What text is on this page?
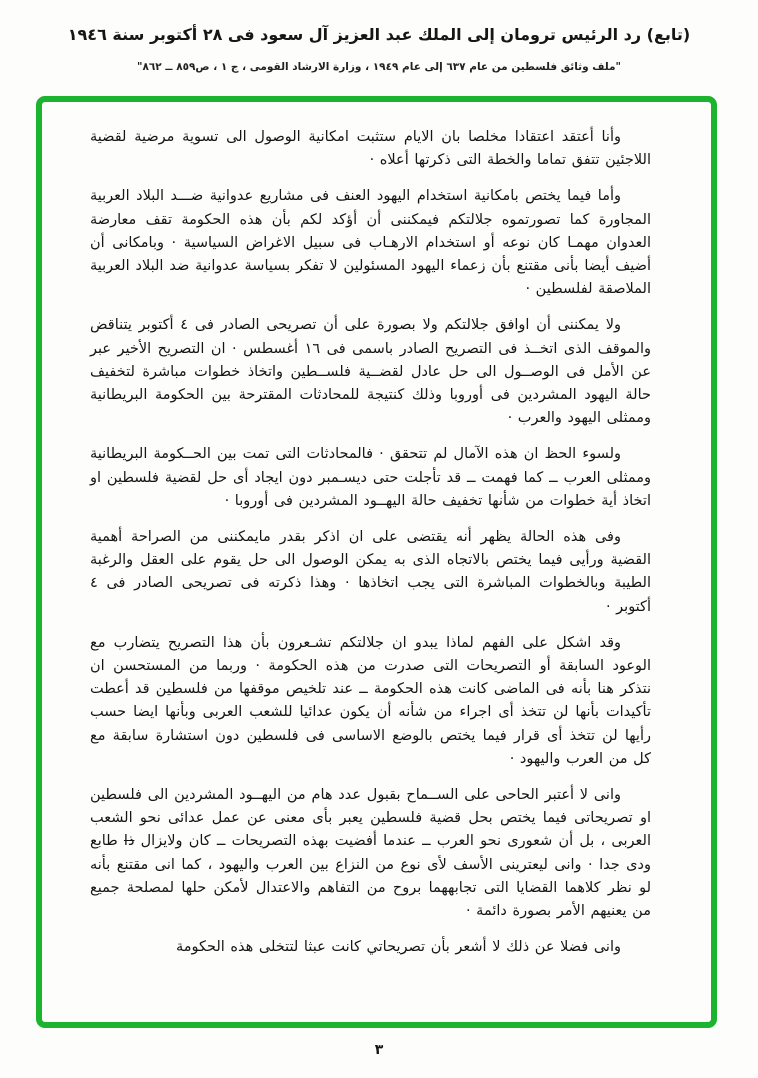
(تابع) رد الرئيس ترومان إلى الملك عبد العزيز آل سعود فى ٢٨ أكتوبر سنة ١٩٤٦
"ملف وثائق فلسطين من عام ٦٣٧ إلى عام ١٩٤٩ ، وزارة الارشاد القومى ، ج ١ ، ص٨٥٩ ــ ٨٦٢"
وأنا أعتقد اعتقادا مخلصا بان الايام ستثبت امكانية الوصول الى تسوية مرضية لقضية اللاجئين تتفق تماما والخطة التى ذكرتها أعلاه ·
وأما فيما يختص بامكانية استخدام اليهود العنف فى مشاريع عدوانية ضـــد البلاد العربية المجاورة كما تصورتموه جلالتكم فيمكننى أن أؤكد لكم بأن هذه الحكومة تقف معارضة العدوان مهمـا كان نوعه أو استخدام الارهـاب فى سبيل الاغراض السياسية · وبامكانى أن أضيف أيضا بأنى مقتنع بأن زعماء اليهود المسئولين لا تفكر بسياسة عدوانية ضد البلاد العربية الملاصقة لفلسطين ·
ولا يمكننى أن اوافق جلالتكم ولا بصورة على أن تصريحى الصادر فى ٤ أكتوبر يتناقض والموقف الذى اتخــذ فى التصريح الصادر باسمى فى ١٦ أغسطس · ان التصريح الأخير عبر عن الأمل فى الوصــول الى حل عادل لقضــية فلســطين واتخاذ خطوات مباشرة لتخفيف حالة اليهود المشردين فى أوروبا وذلك كنتيجة للمحادثات المقترحة بين الحكومة البريطانية وممثلى اليهود والعرب ·
ولسوء الحظ ان هذه الآمال لم تتحقق · فالمحادثات التى تمت بين الحــكومة البريطانية وممثلى العرب ــ كما فهمت ــ قد تأجلت حتى ديسـمبر دون ايجاد أى حل لقضية فلسطين او اتخاذ أية خطوات من شأنها تخفيف حالة اليهــود المشردين فى أوروبا ·
وفى هذه الحالة يظهر أنه يقتضى على ان اذكر بقدر مايمكننى من الصراحة أهمية القضية ورأيى فيما يختص بالاتجاه الذى به يمكن الوصول الى حل يقوم على العقل والرغبة الطيبة وبالخطوات المباشرة التى يجب اتخاذها · وهذا ذكرته فى تصريحى الصادر فى ٤ أكتوبر ·
وقد اشكل على الفهم لماذا يبدو ان جلالتكم تشـعرون بأن هذا التصريح يتضارب مع الوعود السابقة أو التصريحات التى صدرت من هذه الحكومة · وربما من المستحسن ان نتذكر هنا بأنه فى الماضى كانت هذه الحكومة ــ عند تلخيص موقفها من فلسطين قد أعطت تأكيدات بأنها لن تتخذ أى اجراء من شأنه أن يكون عدائيا للشعب العربى وبأنها ايضا حسب رأيها لن تتخذ أى قرار فيما يختص بالوضع الاساسى فى فلسطين دون استشارة سابقة مع كل من العرب واليهود ·
وانى لا أعتبر الحاحى على الســماح بقبول عدد هام من اليهــود المشردين الى فلسطين او تصريحاتى فيما يختص بحل قضية فلسطين يعبر بأى معنى عن عمل عدائى نحو الشعب العربى ، بل أن شعورى نحو العرب ــ عندما أفضيت بهذه التصريحات ــ كان ولايزال ذا طابع ودى جدا · وانى ليعترينى الأسف لأى نوع من النزاع بين العرب واليهود ، كما انى مقتنع بأنه لو نظر كلاهما القضايا التى تجابههما بروح من التفاهم والاعتدال لأمكن حلها لمصلحة جميع من يعنيهم الأمر بصورة دائمة ·
وانى فضلا عن ذلك لا أشعر بأن تصريحاتي كانت عبثا لتتخلى هذه الحكومة
٣
